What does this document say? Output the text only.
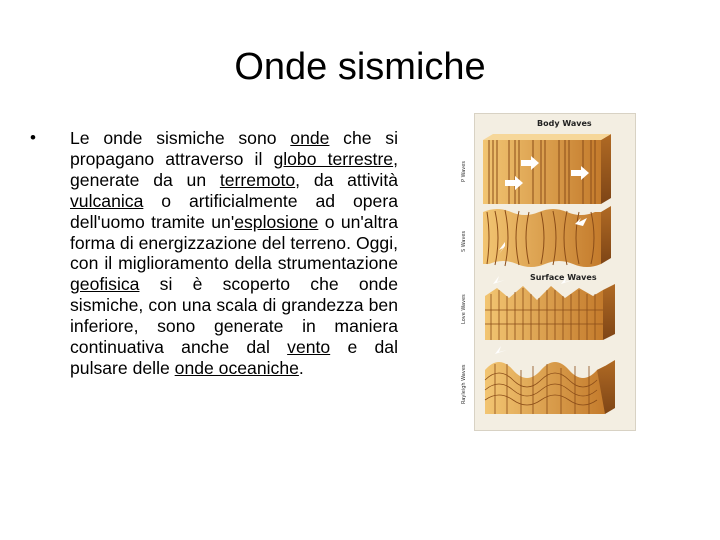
Onde sismiche
• Le onde sismiche sono onde che si propagano attraverso il globo terrestre, generate da un terremoto, da attività vulcanica o artificialmente ad opera dell'uomo tramite un'esplosione o un'altra forma di energizzazione del terreno. Oggi, con il miglioramento della strumentazione geofisica si è scoperto che onde sismiche, con una scala di grandezza ben inferiore, sono generate in maniera continuativa anche dal vento e dal pulsare delle onde oceaniche.
Body Waves
Surface Waves
P Waves
S Waves
Love Waves
Rayleigh Waves
